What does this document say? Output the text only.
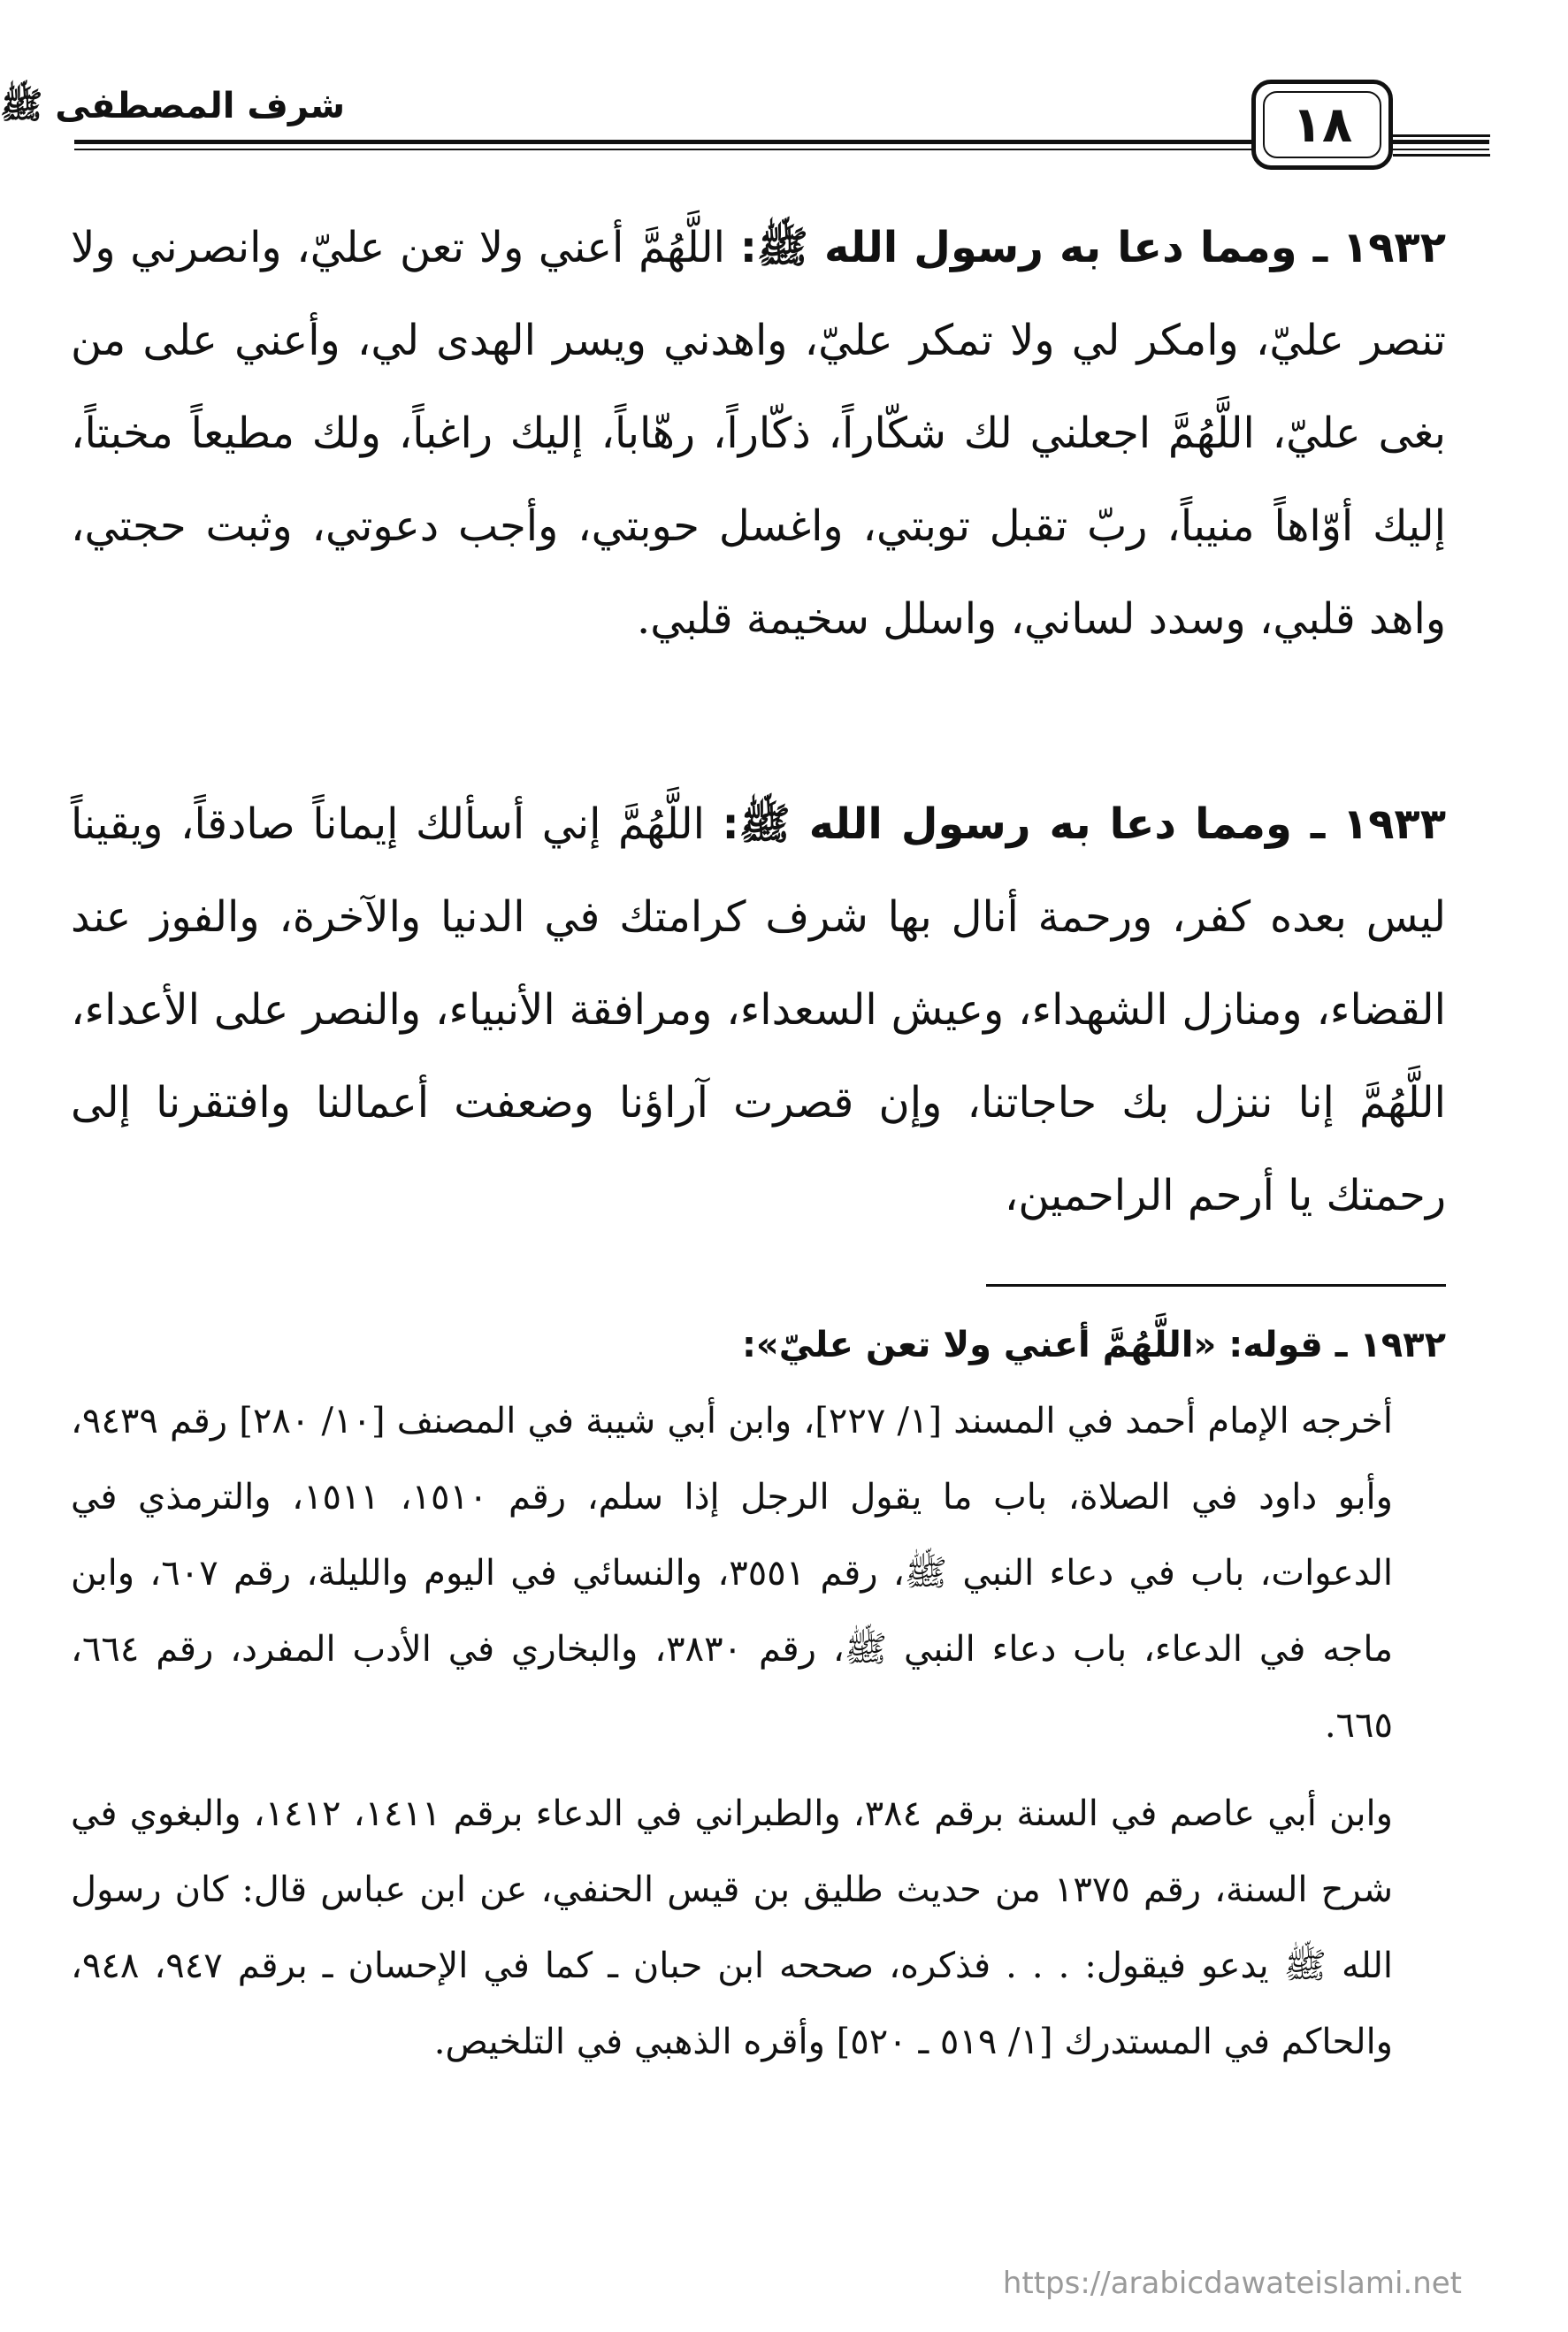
شرف المصطفى ﷺ	١٨

١٩٣٢ ـ ومما دعا به رسول الله ﷺ: اللَّهُمَّ أعني ولا تعن عليّ، وانصرني ولا تنصر عليّ، وامكر لي ولا تمكر عليّ، واهدني ويسر الهدى لي، وأعني على من بغى عليّ، اللَّهُمَّ اجعلني لك شكّاراً، ذكّاراً، رهّاباً، إليك راغباً، ولك مطيعاً مخبتاً، إليك أوّاهاً منيباً، ربّ تقبل توبتي، واغسل حوبتي، وأجب دعوتي، وثبت حجتي، واهد قلبي، وسدد لساني، واسلل سخيمة قلبي.

١٩٣٣ ـ ومما دعا به رسول الله ﷺ: اللَّهُمَّ إني أسألك إيماناً صادقاً، ويقيناً ليس بعده كفر، ورحمة أنال بها شرف كرامتك في الدنيا والآخرة، والفوز عند القضاء، ومنازل الشهداء، وعيش السعداء، ومرافقة الأنبياء، والنصر على الأعداء، اللَّهُمَّ إنا ننزل بك حاجاتنا، وإن قصرت آراؤنا وضعفت أعمالنا وافتقرنا إلى رحمتك يا أرحم الراحمين،

١٩٣٢ ـ قوله: «اللَّهُمَّ أعني ولا تعن عليّ»:

أخرجه الإمام أحمد في المسند [١/ ٢٢٧]، وابن أبي شيبة في المصنف [١٠/ ٢٨٠] رقم ٩٤٣٩، وأبو داود في الصلاة، باب ما يقول الرجل إذا سلم، رقم ١٥١٠، ١٥١١، والترمذي في الدعوات، باب في دعاء النبي ﷺ، رقم ٣٥٥١، والنسائي في اليوم والليلة، رقم ٦٠٧، وابن ماجه في الدعاء، باب دعاء النبي ﷺ، رقم ٣٨٣٠، والبخاري في الأدب المفرد، رقم ٦٦٤، ٦٦٥.

وابن أبي عاصم في السنة برقم ٣٨٤، والطبراني في الدعاء برقم ١٤١١، ١٤١٢، والبغوي في شرح السنة، رقم ١٣٧٥ من حديث طليق بن قيس الحنفي، عن ابن عباس قال: كان رسول الله ﷺ يدعو فيقول: . . . فذكره، صححه ابن حبان ـ كما في الإحسان ـ برقم ٩٤٧، ٩٤٨، والحاكم في المستدرك [١/ ٥١٩ ـ ٥٢٠] وأقره الذهبي في التلخيص.

https://arabicdawateislami.net
